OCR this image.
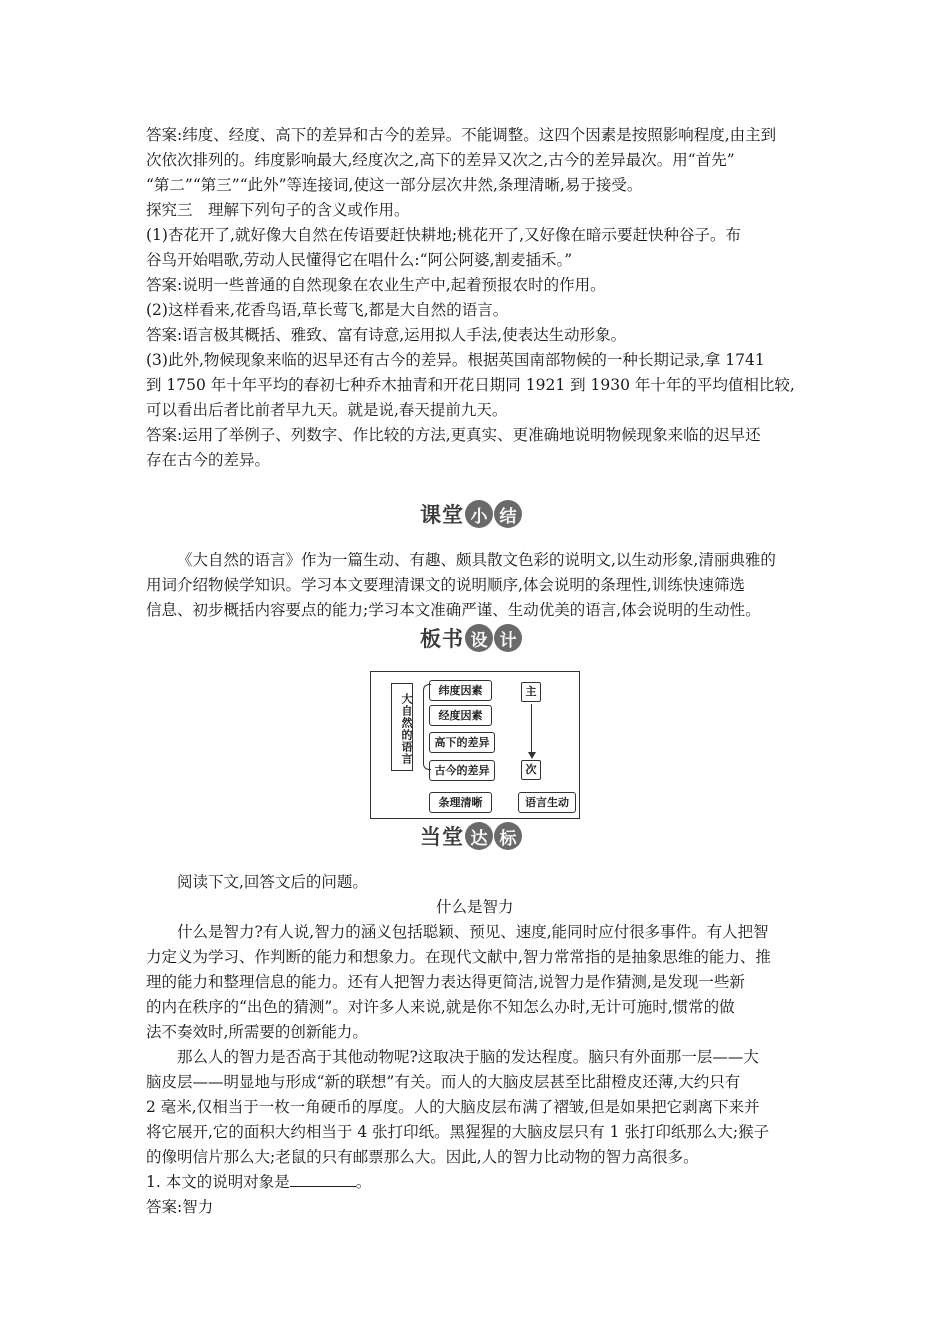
答案:纬度、经度、高下的差异和古今的差异。不能调整。这四个因素是按照影响程度,由主到

次依次排列的。纬度影响最大,经度次之,高下的差异又次之,古今的差异最次。用“首先”

“第二”“第三”“此外”等连接词,使这一部分层次井然,条理清晰,易于接受。

探究三　理解下列句子的含义或作用。

(1)杏花开了,就好像大自然在传语要赶快耕地;桃花开了,又好像在暗示要赶快种谷子。布

谷鸟开始唱歌,劳动人民懂得它在唱什么:“阿公阿婆,割麦插禾。”

答案:说明一些普通的自然现象在农业生产中,起着预报农时的作用。

(2)这样看来,花香鸟语,草长莺飞,都是大自然的语言。

答案:语言极其概括、雅致、富有诗意,运用拟人手法,使表达生动形象。

(3)此外,物候现象来临的迟早还有古今的差异。根据英国南部物候的一种长期记录,拿 1741

到 1750 年十年平均的春初七种乔木抽青和开花日期同 1921 到 1930 年十年的平均值相比较,

可以看出后者比前者早九天。就是说,春天提前九天。

答案:运用了举例子、列数字、作比较的方法,更真实、更准确地说明物候现象来临的迟早还

存在古今的差异。

课堂 小 结

《大自然的语言》作为一篇生动、有趣、颇具散文色彩的说明文,以生动形象,清丽典雅的

用词介绍物候学知识。学习本文要理清课文的说明顺序,体会说明的条理性,训练快速筛选

信息、初步概括内容要点的能力;学习本文准确严谨、生动优美的语言,体会说明的生动性。

板书 设 计
大自然的语言
纬度因素
经度因素
高下的差异
古今的差异
主
次
条理清晰	语言生动
当堂 达 标

阅读下文,回答文后的问题。

什么是智力

什么是智力?有人说,智力的涵义包括聪颖、预见、速度,能同时应付很多事件。有人把智

力定义为学习、作判断的能力和想象力。在现代文献中,智力常常指的是抽象思维的能力、推

理的能力和整理信息的能力。还有人把智力表达得更简洁,说智力是作猜测,是发现一些新

的内在秩序的“出色的猜测”。对许多人来说,就是你不知怎么办时,无计可施时,惯常的做

法不奏效时,所需要的创新能力。

那么人的智力是否高于其他动物呢?这取决于脑的发达程度。脑只有外面那一层——大

脑皮层——明显地与形成“新的联想”有关。而人的大脑皮层甚至比甜橙皮还薄,大约只有

2 毫米,仅相当于一枚一角硬币的厚度。人的大脑皮层布满了褶皱,但是如果把它剥离下来并

将它展开,它的面积大约相当于 4 张打印纸。黑猩猩的大脑皮层只有 1 张打印纸那么大;猴子

的像明信片那么大;老鼠的只有邮票那么大。因此,人的智力比动物的智力高很多。

1. 本文的说明对象是	。

答案:智力
